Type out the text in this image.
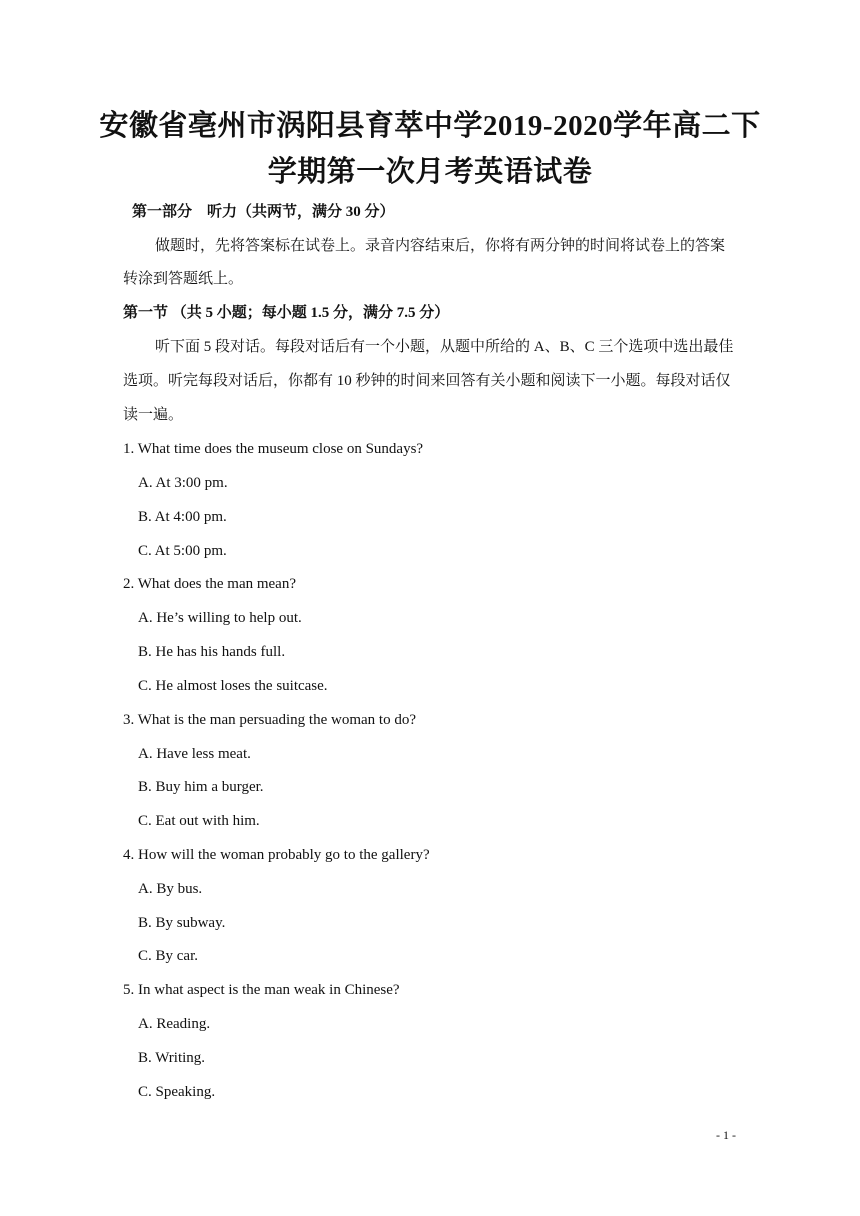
安徽省亳州市涡阳县育萃中学2019-2020学年高二下
学期第一次月考英语试卷
第一部分　听力（共两节，满分 30 分）
做题时，先将答案标在试卷上。录音内容结束后，你将有两分钟的时间将试卷上的答案
转涂到答题纸上。
第一节 （共 5 小题；每小题 1.5 分，满分 7.5 分）
听下面 5 段对话。每段对话后有一个小题，从题中所给的 A、B、C 三个选项中选出最佳
选项。听完每段对话后，你都有 10 秒钟的时间来回答有关小题和阅读下一小题。每段对话仅
读一遍。
1. What time does the museum close on Sundays?
A. At 3:00 pm.
B. At 4:00 pm.
C. At 5:00 pm.
2. What does the man mean?
A. He’s willing to help out.
B. He has his hands full.
C. He almost loses the suitcase.
3. What is the man persuading the woman to do?
A. Have less meat.
B. Buy him a burger.
C. Eat out with him.
4. How will the woman probably go to the gallery?
A. By bus.
B. By subway.
C. By car.
5. In what aspect is the man weak in Chinese?
A. Reading.
B. Writing.
C. Speaking.
- 1 -
